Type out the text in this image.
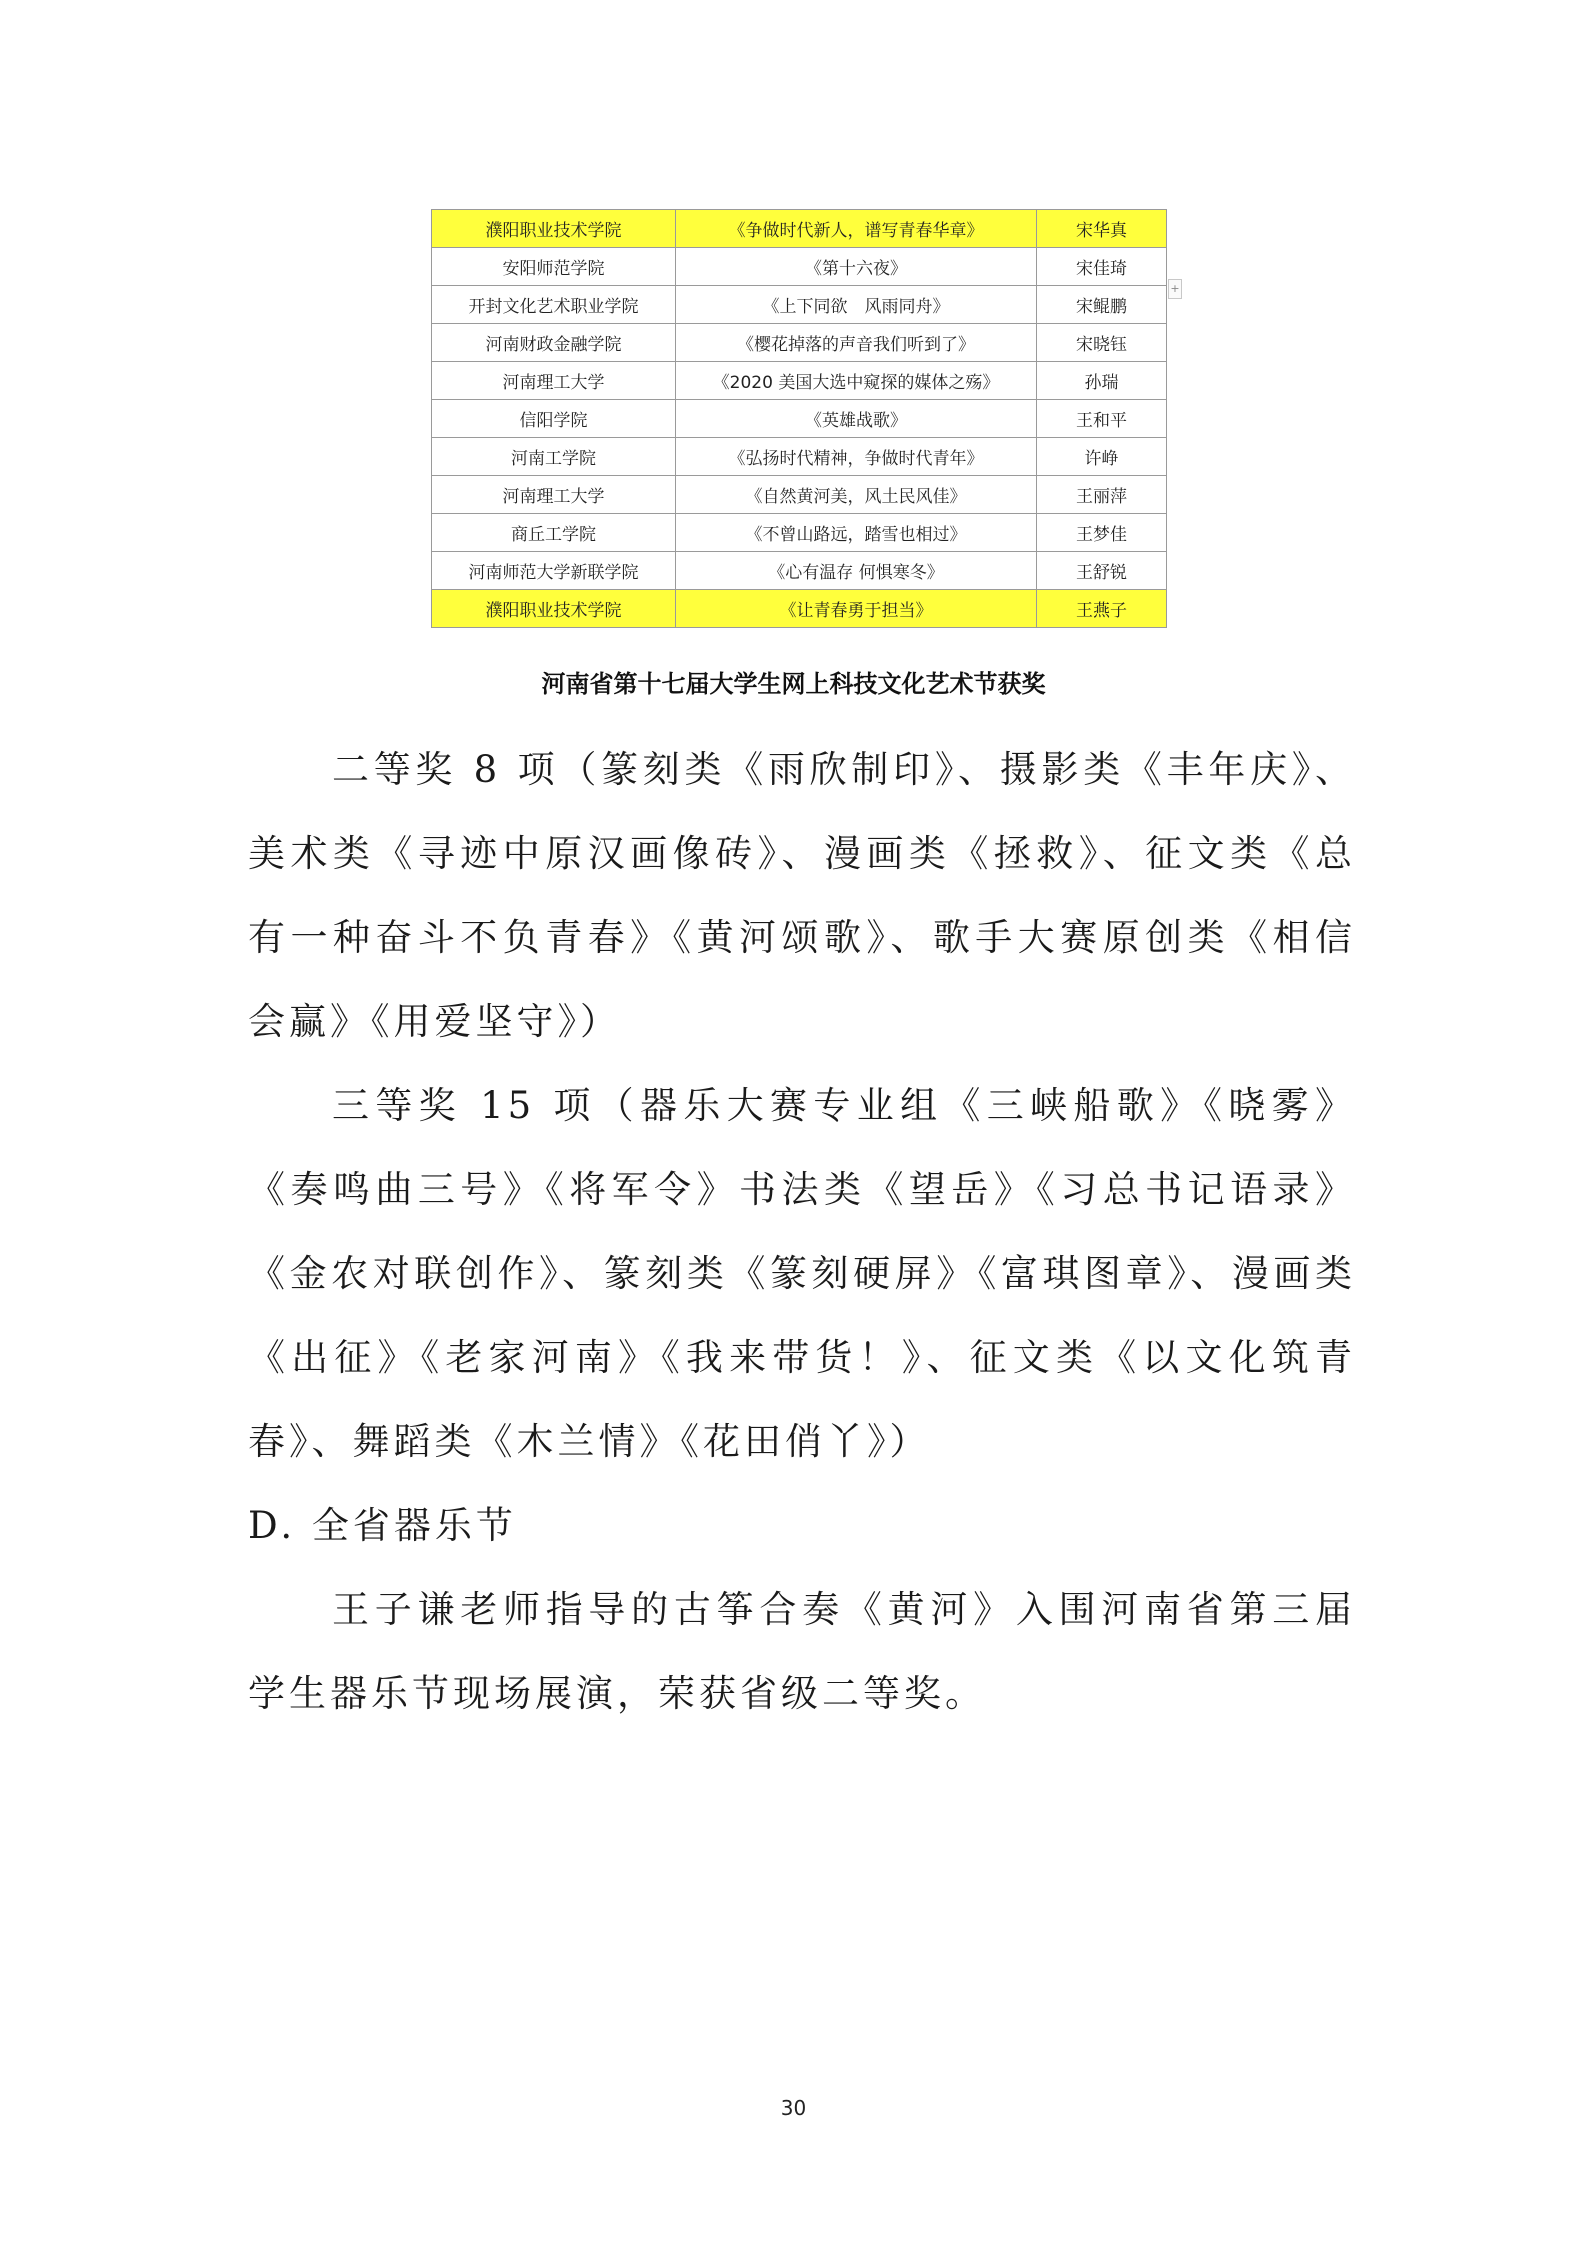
濮阳职业技术学院	《争做时代新人，谱写青春华章》	宋华真
安阳师范学院	《第十六夜》	宋佳琦
开封文化艺术职业学院	《上下同欲　风雨同舟》	宋鲲鹏
河南财政金融学院	《樱花掉落的声音我们听到了》	宋晓钰
河南理工大学	《2020 美国大选中窥探的媒体之殇》	孙瑞
信阳学院	《英雄战歌》	王和平
河南工学院	《弘扬时代精神，争做时代青年》	许峥
河南理工大学	《自然黄河美，风土民风佳》	王丽萍
商丘工学院	《不曾山路远，踏雪也相过》	王梦佳
河南师范大学新联学院	《心有温存 何惧寒冬》	王舒锐
濮阳职业技术学院	《让青春勇于担当》	王燕子
+
河南省第十七届大学生网上科技文化艺术节获奖

二等奖 8 项（篆刻类《雨欣制印》、摄影类《丰年庆》、美术类《寻迹中原汉画像砖》、漫画类《拯救》、征文类《总有一种奋斗不负青春》《黄河颂歌》、歌手大赛原创类《相信会赢》《用爱坚守》）

三等奖 15 项（器乐大赛专业组《三峡船歌》《晓雾》《奏鸣曲三号》《将军令》书法类《望岳》《习总书记语录》《金农对联创作》、篆刻类《篆刻硬屏》《富琪图章》、漫画类《出征》《老家河南》《我来带货！》、征文类《以文化筑青春》、舞蹈类《木兰情》《花田俏丫》）

D. 全省器乐节

王子谦老师指导的古筝合奏《黄河》入围河南省第三届学生器乐节现场展演，荣获省级二等奖。

30
